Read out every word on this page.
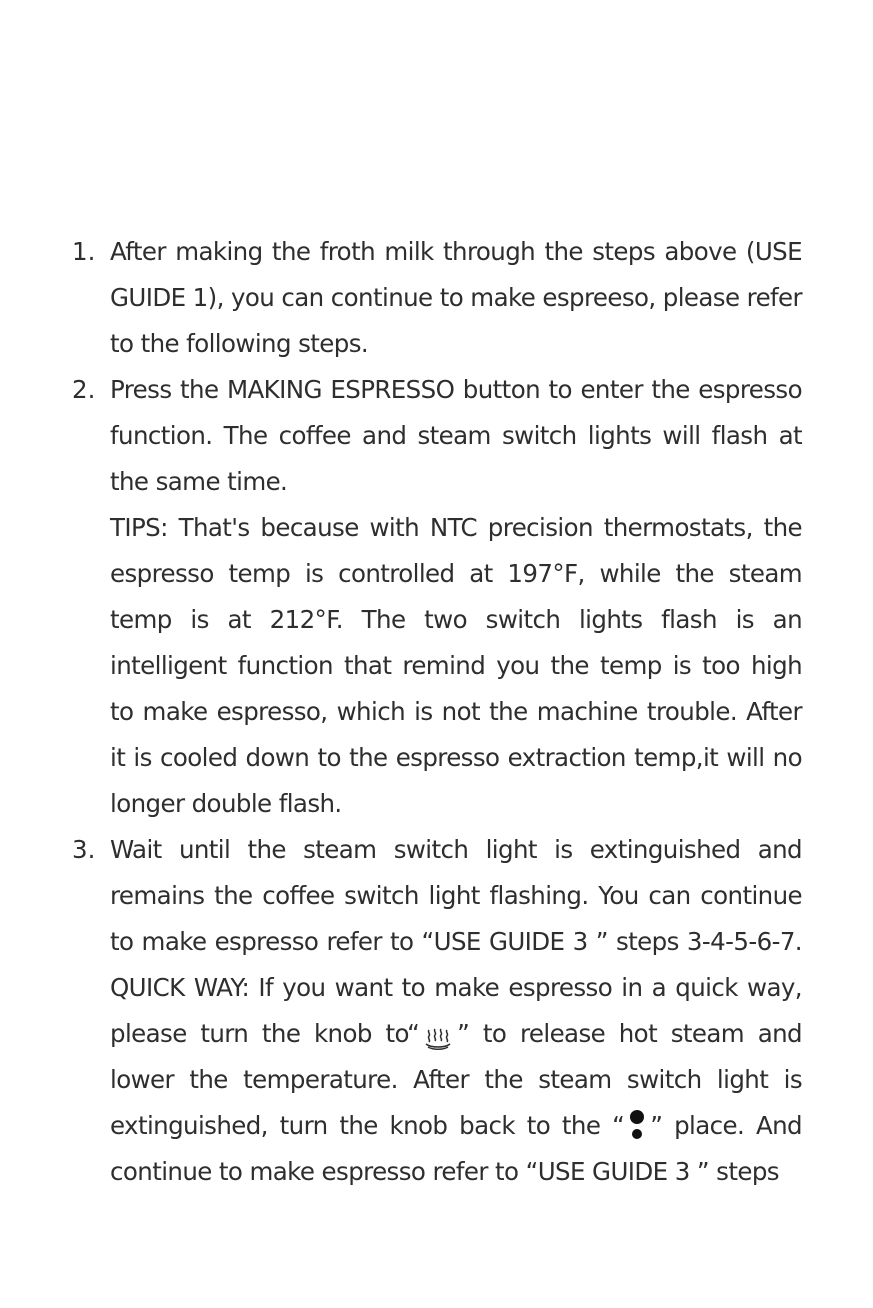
1. After making the froth milk through the steps above (USE
GUIDE 1), you can continue to make espreeso, please refer
to the following steps.
2. Press the MAKING ESPRESSO button to enter the espresso
function. The coffee and steam switch lights will flash at
the same time.
TIPS: That's because with NTC precision thermostats, the
espresso temp is controlled at 197°F, while the steam
temp is at 212°F. The two switch lights flash is an
intelligent function that remind you the temp is too high
to make espresso, which is not the machine trouble. After
it is cooled down to the espresso extraction temp,it will no
longer double flash.
3. Wait until the steam switch light is extinguished and
remains the coffee switch light flashing. You can continue
to make espresso refer to “USE GUIDE 3 ” steps 3-4-5-6-7.
QUICK WAY: If you want to make espresso in a quick way,
please turn the knob to“ ” to release hot steam and
lower the temperature. After the steam switch light is
extinguished, turn the knob back to the “ ” place. And
continue to make espresso refer to “USE GUIDE 3 ” steps
